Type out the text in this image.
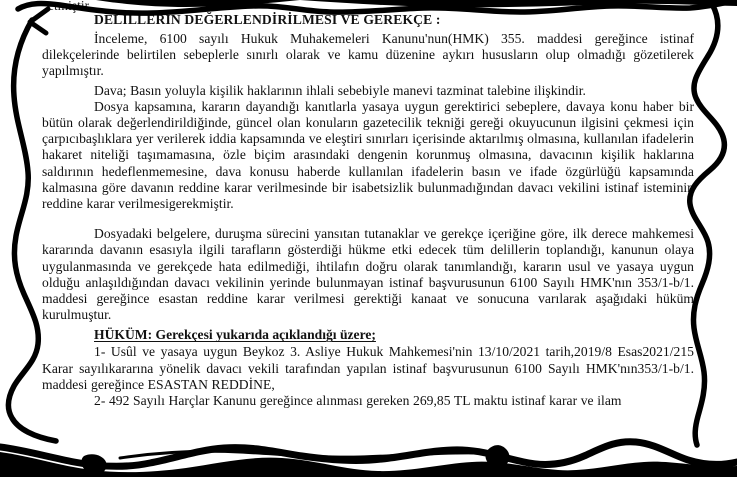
etmiştir.
DELİLLERİN DEĞERLENDİRİLMESİ VE GEREKÇE :

İnceleme, 6100 sayılı Hukuk Muhakemeleri Kanunu'nun(HMK) 355. maddesi gereğince istinaf dilekçelerinde belirtilen sebeplerle sınırlı olarak ve kamu düzenine aykırı hususların olup olmadığı gözetilerek yapılmıştır.

Dava; Basın yoluyla kişilik haklarının ihlali sebebiyle manevi tazminat talebine ilişkindir.

Dosya kapsamına, kararın dayandığı kanıtlarla yasaya uygun gerektirici sebeplere, davaya konu haber bir bütün olarak değerlendirildiğinde, güncel olan konuların gazetecilik tekniği gereği okuyucunun ilgisini çekmesi için çarpıcıbaşlıklara yer verilerek iddia kapsamında ve eleştiri sınırları içerisinde aktarılmış olmasına, kullanılan ifadelerin hakaret niteliği taşımamasına, özle biçim arasındaki dengenin korunmuş olmasına, davacının kişilik haklarına saldırının hedeflenmemesine, dava konusu haberde kullanılan ifadelerin basın ve ifade özgürlüğü kapsamında kalmasına göre davanın reddine karar verilmesinde bir isabetsizlik bulunmadığından davacı vekilini istinaf isteminin reddine karar verilmesigerekmiştir.

Dosyadaki belgelere, duruşma sürecini yansıtan tutanaklar ve gerekçe içeriğine göre, ilk derece mahkemesi kararında davanın esasıyla ilgili tarafların gösterdiği hükme etki edecek tüm delillerin toplandığı, kanunun olaya uygulanmasında ve gerekçede hata edilmediği, ihtilafın doğru olarak tanımlandığı, kararın usul ve yasaya uygun olduğu anlaşıldığından davacı vekilinin yerinde bulunmayan istinaf başvurusunun 6100 Sayılı HMK'nın 353/1-b/1. maddesi gereğince esastan reddine karar verilmesi gerektiği kanaat ve sonucuna varılarak aşağıdaki hüküm kurulmuştur.

HÜKÜM: Gerekçesi yukarıda açıklandığı üzere;

1- Usûl ve yasaya uygun Beykoz 3. Asliye Hukuk Mahkemesi'nin 13/10/2021 tarih,2019/8 Esas2021/215 Karar sayılıkararına yönelik davacı vekili tarafından yapılan istinaf başvurusunun 6100 Sayılı HMK'nın353/1-b/1. maddesi gereğince ESASTAN REDDİNE,

2- 492 Sayılı Harçlar Kanunu gereğince alınması gereken 269,85 TL maktu istinaf karar ve ilam
